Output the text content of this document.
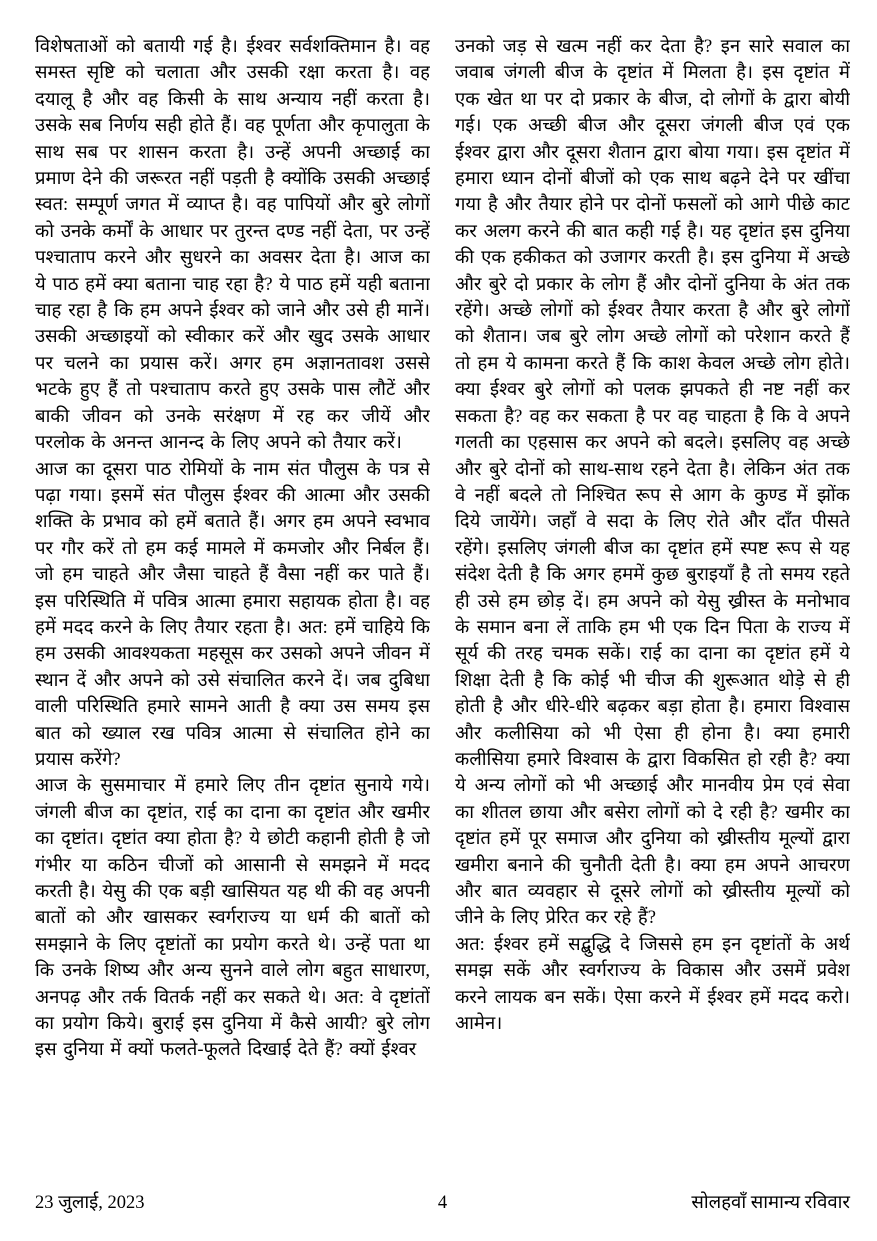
विशेषताओं को बतायी गई है। ईश्वर सर्वशक्तिमान है। वह समस्त सृष्टि को चलाता और उसकी रक्षा करता है। वह दयालू है और वह किसी के साथ अन्याय नहीं करता है। उसके सब निर्णय सही होते हैं। वह पूर्णता और कृपालुता के साथ सब पर शासन करता है। उन्हें अपनी अच्छाई का प्रमाण देने की जरूरत नहीं पड़ती है क्योंकि उसकी अच्छाई स्वत: सम्पूर्ण जगत में व्याप्त है। वह पापियों और बुरे लोगों को उनके कर्मों के आधार पर तुरन्त दण्ड नहीं देता, पर उन्हें पश्चाताप करने और सुधरने का अवसर देता है। आज का ये पाठ हमें क्या बताना चाह रहा है? ये पाठ हमें यही बताना चाह रहा है कि हम अपने ईश्वर को जाने और उसे ही मानें। उसकी अच्छाइयों को स्वीकार करें और खुद उसके आधार पर चलने का प्रयास करें। अगर हम अज्ञानतावश उससे भटके हुए हैं तो पश्चाताप करते हुए उसके पास लौटें और बाकी जीवन को उनके सरंक्षण में रह कर जीयें और परलोक के अनन्त आनन्द के लिए अपने को तैयार करें।

आज का दूसरा पाठ रोमियों के नाम संत पौलुस के पत्र से पढ़ा गया। इसमें संत पौलुस ईश्वर की आत्मा और उसकी शक्ति के प्रभाव को हमें बताते हैं। अगर हम अपने स्वभाव पर गौर करें तो हम कई मामले में कमजोर और निर्बल हैं। जो हम चाहते और जैसा चाहते हैं वैसा नहीं कर पाते हैं। इस परिस्थिति में पवित्र आत्मा हमारा सहायक होता है। वह हमें मदद करने के लिए तैयार रहता है। अत: हमें चाहिये कि हम उसकी आवश्यकता महसूस कर उसको अपने जीवन में स्थान दें और अपने को उसे संचालित करने दें। जब दुबिधा वाली परिस्थिति हमारे सामने आती है क्या उस समय इस बात को ख्याल रख पवित्र आत्मा से संचालित होने का प्रयास करेंगे?

आज के सुसमाचार में हमारे लिए तीन दृष्टांत सुनाये गये। जंगली बीज का दृष्टांत, राई का दाना का दृष्टांत और खमीर का दृष्टांत। दृष्टांत क्या होता है? ये छोटी कहानी होती है जो गंभीर या कठिन चीजों को आसानी से समझने में मदद करती है। येसु की एक बड़ी खासियत यह थी की वह अपनी बातों को और खासकर स्वर्गराज्य या धर्म की बातों को समझाने के लिए दृष्टांतों का प्रयोग करते थे। उन्हें पता था कि उनके शिष्य और अन्य सुनने वाले लोग बहुत साधारण, अनपढ़ और तर्क वितर्क नहीं कर सकते थे। अत: वे दृष्टांतों का प्रयोग किये। बुराई इस दुनिया में कैसे आयी? बुरे लोग इस दुनिया में क्यों फलते-फूलते दिखाई देते हैं? क्यों ईश्वर

उनको जड़ से खत्म नहीं कर देता है? इन सारे सवाल का जवाब जंगली बीज के दृष्टांत में मिलता है। इस दृष्टांत में एक खेत था पर दो प्रकार के बीज, दो लोगों के द्वारा बोयी गई। एक अच्छी बीज और दूसरा जंगली बीज एवं एक ईश्वर द्वारा और दूसरा शैतान द्वारा बोया गया। इस दृष्टांत में हमारा ध्यान दोनों बीजों को एक साथ बढ़ने देने पर खींचा गया है और तैयार होने पर दोनों फसलों को आगे पीछे काट कर अलग करने की बात कही गई है। यह दृष्टांत इस दुनिया की एक हकीकत को उजागर करती है। इस दुनिया में अच्छे और बुरे दो प्रकार के लोग हैं और दोनों दुनिया के अंत तक रहेंगे। अच्छे लोगों को ईश्वर तैयार करता है और बुरे लोगों को शैतान। जब बुरे लोग अच्छे लोगों को परेशान करते हैं तो हम ये कामना करते हैं कि काश केवल अच्छे लोग होते। क्या ईश्वर बुरे लोगों को पलक झपकते ही नष्ट नहीं कर सकता है? वह कर सकता है पर वह चाहता है कि वे अपने गलती का एहसास कर अपने को बदले। इसलिए वह अच्छे और बुरे दोनों को साथ-साथ रहने देता है। लेकिन अंत तक वे नहीं बदले तो निश्चित रूप से आग के कुण्ड में झोंक दिये जायेंगे। जहाँ वे सदा के लिए रोते और दाँत पीसते रहेंगे। इसलिए जंगली बीज का दृष्टांत हमें स्पष्ट रूप से यह संदेश देती है कि अगर हममें कुछ बुराइयाँ है तो समय रहते ही उसे हम छोड़ दें। हम अपने को येसु ख्रीस्त के मनोभाव के समान बना लें ताकि हम भी एक दिन पिता के राज्य में सूर्य की तरह चमक सकें। राई का दाना का दृष्टांत हमें ये शिक्षा देती है कि कोई भी चीज की शुरूआत थोड़े से ही होती है और धीरे-धीरे बढ़कर बड़ा होता है। हमारा विश्वास और कलीसिया को भी ऐसा ही होना है। क्या हमारी कलीसिया हमारे विश्वास के द्वारा विकसित हो रही है? क्या ये अन्य लोगों को भी अच्छाई और मानवीय प्रेम एवं सेवा का शीतल छाया और बसेरा लोगों को दे रही है? खमीर का दृष्टांत हमें पूर समाज और दुनिया को ख्रीस्तीय मूल्यों द्वारा खमीरा बनाने की चुनौती देती है। क्या हम अपने आचरण और बात व्यवहार से दूसरे लोगों को ख्रीस्तीय मूल्यों को जीने के लिए प्रेरित कर रहे हैं?

अत: ईश्वर हमें सद्बुद्धि दे जिससे हम इन दृष्टांतों के अर्थ समझ सकें और स्वर्गराज्य के विकास और उसमें प्रवेश करने लायक बन सकें। ऐसा करने में ईश्वर हमें मदद करो। आमेन।

23 जुलाई, 2023	4	सोलहवाँ सामान्य रविवार
